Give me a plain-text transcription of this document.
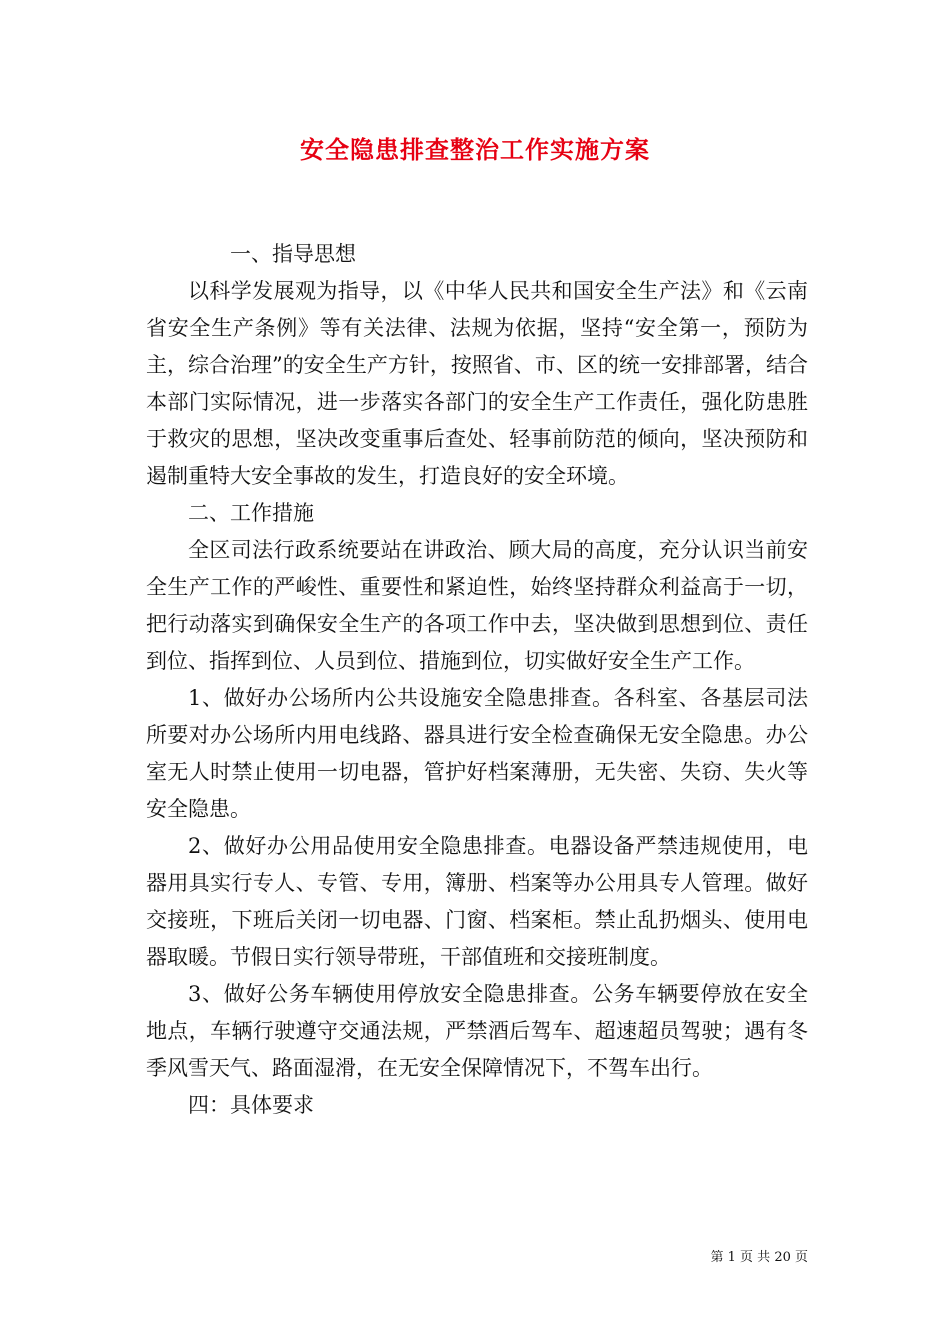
安全隐患排查整治工作实施方案

一、指导思想

以科学发展观为指导，以《中华人民共和国安全生产法》和《云南省安全生产条例》等有关法律、法规为依据，坚持“安全第一，预防为主，综合治理”的安全生产方针，按照省、市、区的统一安排部署，结合本部门实际情况，进一步落实各部门的安全生产工作责任，强化防患胜于救灾的思想，坚决改变重事后查处、轻事前防范的倾向，坚决预防和遏制重特大安全事故的发生，打造良好的安全环境。

二、工作措施

全区司法行政系统要站在讲政治、顾大局的高度，充分认识当前安全生产工作的严峻性、重要性和紧迫性，始终坚持群众利益高于一切，把行动落实到确保安全生产的各项工作中去，坚决做到思想到位、责任到位、指挥到位、人员到位、措施到位，切实做好安全生产工作。

1、做好办公场所内公共设施安全隐患排查。各科室、各基层司法所要对办公场所内用电线路、器具进行安全检查确保无安全隐患。办公室无人时禁止使用一切电器，管护好档案薄册，无失密、失窃、失火等安全隐患。

2、做好办公用品使用安全隐患排查。电器设备严禁违规使用，电器用具实行专人、专管、专用，簿册、档案等办公用具专人管理。做好交接班，下班后关闭一切电器、门窗、档案柜。禁止乱扔烟头、使用电器取暖。节假日实行领导带班，干部值班和交接班制度。

3、做好公务车辆使用停放安全隐患排查。公务车辆要停放在安全地点，车辆行驶遵守交通法规，严禁酒后驾车、超速超员驾驶；遇有冬季风雪天气、路面湿滑，在无安全保障情况下，不驾车出行。

四：具体要求

第 1 页 共 20 页
